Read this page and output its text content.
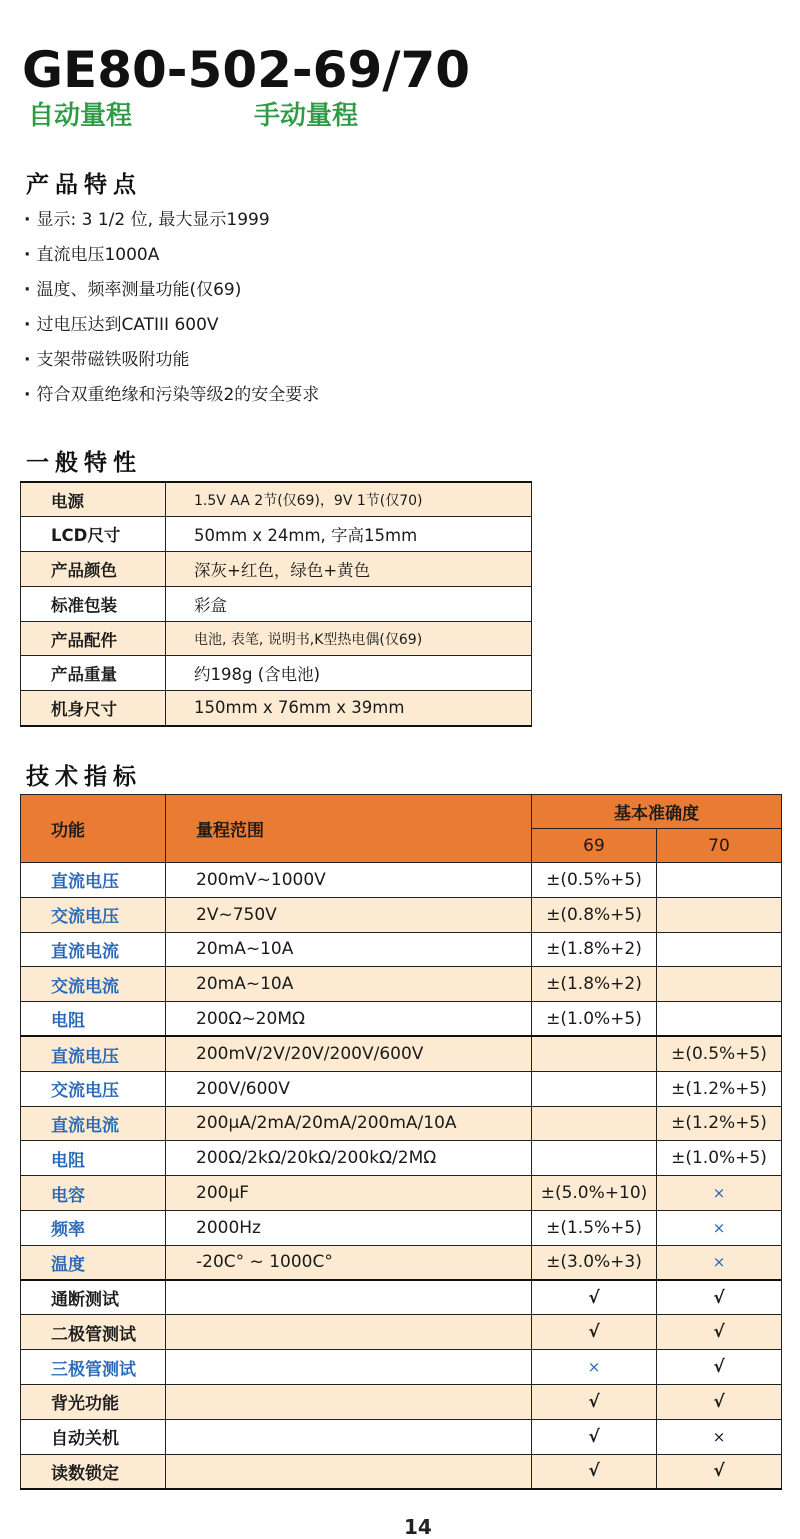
GE80-502-69/70
自动量程	手动量程
产品特点
· 显示: 3 1/2 位, 最大显示1999
· 直流电压1000A
· 温度、频率测量功能(仅69)
· 过电压达到CATIII 600V
· 支架带磁铁吸附功能
· 符合双重绝缘和污染等级2的安全要求
一般特性
电源	1.5V AA 2节(仅69)，9V 1节(仅70)
LCD尺寸	50mm x 24mm, 字高15mm
产品颜色	深灰+红色，绿色+黄色
标准包装	彩盒
产品配件	电池, 表笔, 说明书,K型热电偶(仅69)
产品重量	约198g (含电池)
机身尺寸	150mm x 76mm x 39mm
技术指标
功能	量程范围	基本准确度	
		69	70
直流电压	200mV~1000V	±(0.5%+5)	
交流电压	2V~750V	±(0.8%+5)	
直流电流	20mA~10A	±(1.8%+2)	
交流电流	20mA~10A	±(1.8%+2)	
电阻	200Ω~20MΩ	±(1.0%+5)	
直流电压	200mV/2V/20V/200V/600V		±(0.5%+5)
交流电压	200V/600V		±(1.2%+5)
直流电流	200μA/2mA/20mA/200mA/10A		±(1.2%+5)
电阻	200Ω/2kΩ/20kΩ/200kΩ/2MΩ		±(1.0%+5)
电容	200μF	±(5.0%+10)	×
频率	2000Hz	±(1.5%+5)	×
温度	-20C° ~ 1000C°	±(3.0%+3)	×
通断测试		√	√
二极管测试		√	√
三极管测试		×	√
背光功能		√	√
自动关机		√	×
读数锁定		√	√
14
